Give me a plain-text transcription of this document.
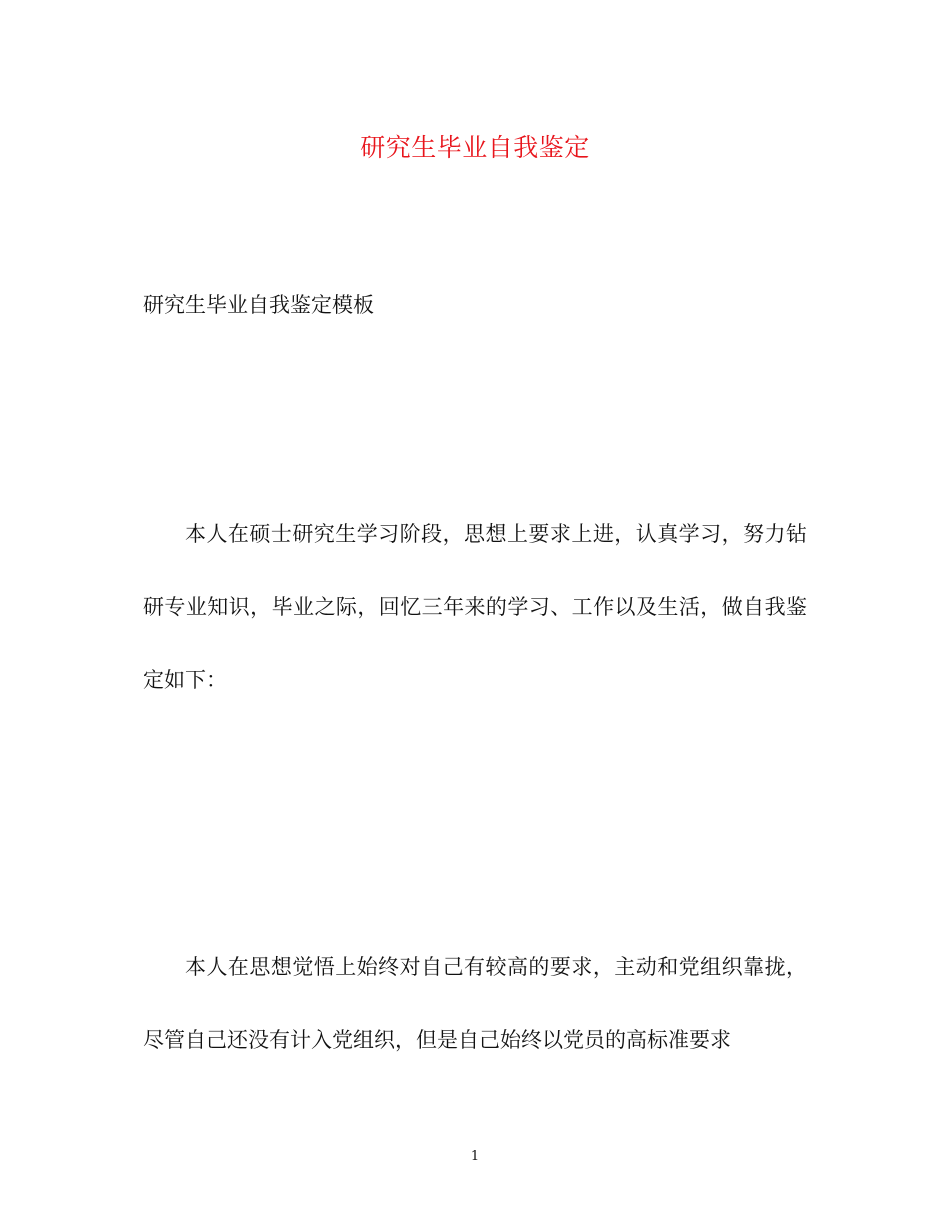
研究生毕业自我鉴定
研究生毕业自我鉴定模板

本人在硕士研究生学习阶段，思想上要求上进，认真学习，努力钻研专业知识，毕业之际，回忆三年来的学习、工作以及生活，做自我鉴定如下：

本人在思想觉悟上始终对自己有较高的要求，主动和党组织靠拢，尽管自己还没有计入党组织，但是自己始终以党员的高标准要求

1
